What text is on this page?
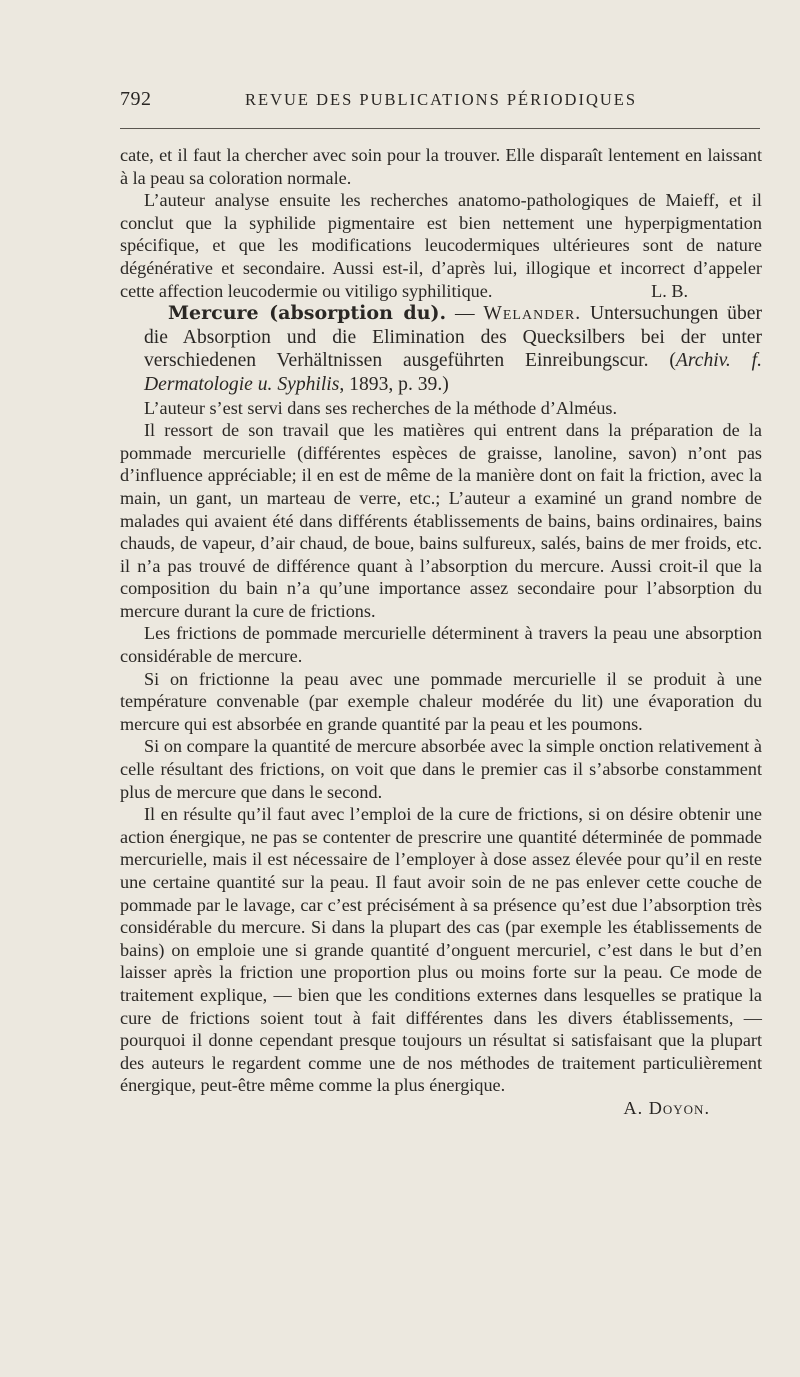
792	REVUE DES PUBLICATIONS PÉRIODIQUES

cate, et il faut la chercher avec soin pour la trouver. Elle disparaît lentement en laissant à la peau sa coloration normale.

L’auteur analyse ensuite les recherches anatomo-pathologiques de Maieff, et il conclut que la syphilide pigmentaire est bien nettement une hyperpigmentation spécifique, et que les modifications leucodermiques ultérieures sont de nature dégénérative et secondaire. Aussi est-il, d’après lui, illogique et incorrect d’appeler cette affection leucodermie ou vitiligo syphilitique.	L. B.

Mercure (absorption du). — Welander. Untersuchungen über die Absorption und die Elimination des Quecksilbers bei der unter verschiedenen Verhältnissen ausgeführten Einreibungscur. (Archiv. f. Dermatologie u. Syphilis, 1893, p. 39.)

L’auteur s’est servi dans ses recherches de la méthode d’Alméus.

Il ressort de son travail que les matières qui entrent dans la préparation de la pommade mercurielle (différentes espèces de graisse, lanoline, savon) n’ont pas d’influence appréciable; il en est de même de la manière dont on fait la friction, avec la main, un gant, un marteau de verre, etc.; L’auteur a examiné un grand nombre de malades qui avaient été dans différents établissements de bains, bains ordinaires, bains chauds, de vapeur, d’air chaud, de boue, bains sulfureux, salés, bains de mer froids, etc. il n’a pas trouvé de différence quant à l’absorption du mercure. Aussi croit-il que la composition du bain n’a qu’une importance assez secondaire pour l’absorption du mercure durant la cure de frictions.

Les frictions de pommade mercurielle déterminent à travers la peau une absorption considérable de mercure.

Si on frictionne la peau avec une pommade mercurielle il se produit à une température convenable (par exemple chaleur modérée du lit) une évaporation du mercure qui est absorbée en grande quantité par la peau et les poumons.

Si on compare la quantité de mercure absorbée avec la simple onction relativement à celle résultant des frictions, on voit que dans le premier cas il s’absorbe constamment plus de mercure que dans le second.

Il en résulte qu’il faut avec l’emploi de la cure de frictions, si on désire obtenir une action énergique, ne pas se contenter de prescrire une quantité déterminée de pommade mercurielle, mais il est nécessaire de l’employer à dose assez élevée pour qu’il en reste une certaine quantité sur la peau. Il faut avoir soin de ne pas enlever cette couche de pommade par le lavage, car c’est précisément à sa présence qu’est due l’absorption très considérable du mercure. Si dans la plupart des cas (par exemple les établissements de bains) on emploie une si grande quantité d’onguent mercuriel, c’est dans le but d’en laisser après la friction une proportion plus ou moins forte sur la peau. Ce mode de traitement explique, — bien que les conditions externes dans lesquelles se pratique la cure de frictions soient tout à fait différentes dans les divers établissements, — pourquoi il donne cependant presque toujours un résultat si satisfaisant que la plupart des auteurs le regardent comme une de nos méthodes de traitement particulièrement énergique, peut-être même comme la plus énergique.

A. Doyon.
